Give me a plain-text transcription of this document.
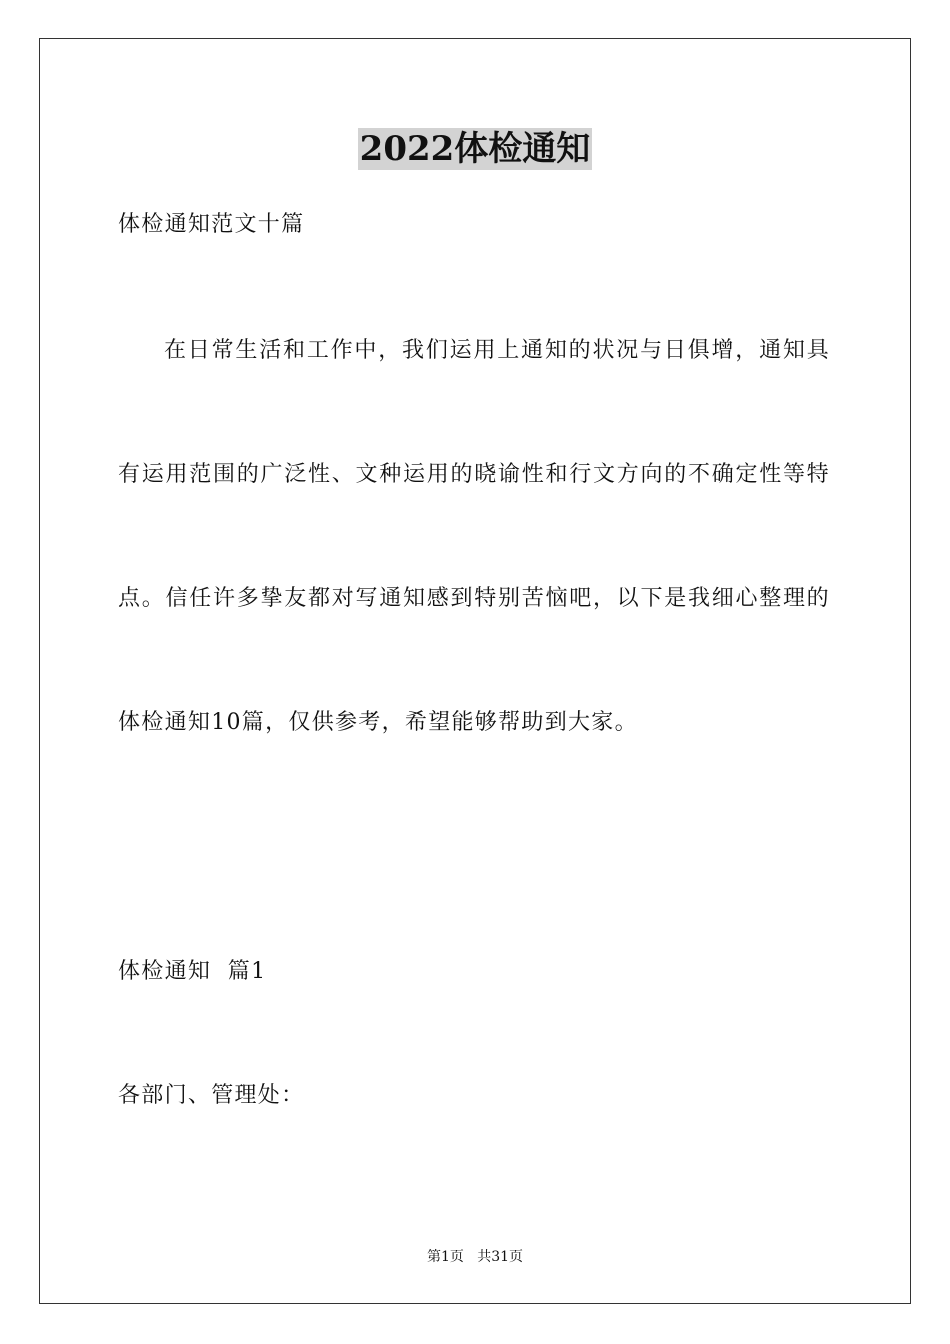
2022体检通知
体检通知范文十篇
在日常生活和工作中，我们运用上通知的状况与日俱增，通知具
有运用范围的广泛性、文种运用的晓谕性和行文方向的不确定性等特
点。信任许多挚友都对写通知感到特别苦恼吧，以下是我细心整理的
体检通知10篇，仅供参考，希望能够帮助到大家。
体检通知  篇1
各部门、管理处：
第1页   共31页
